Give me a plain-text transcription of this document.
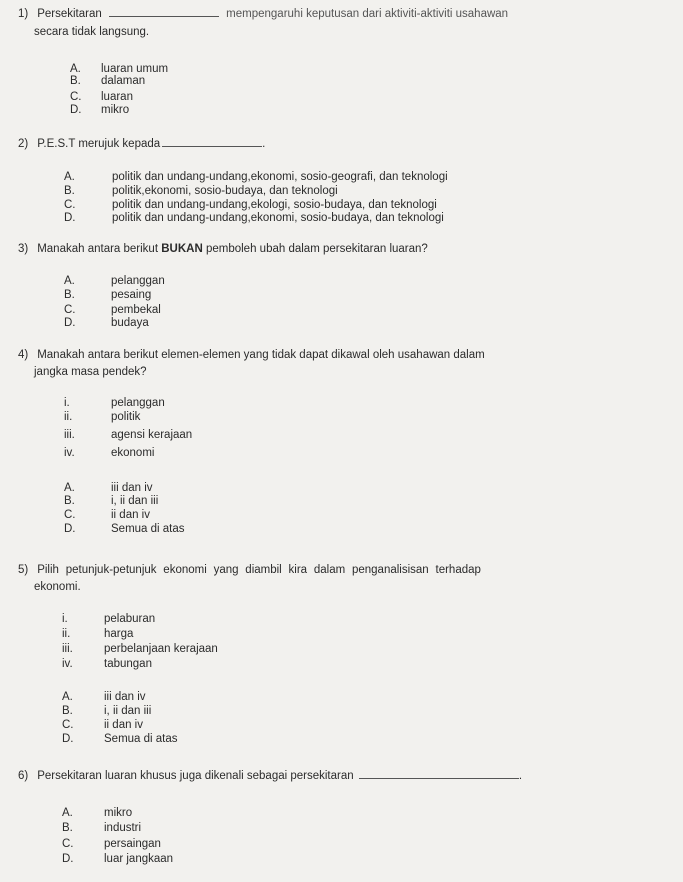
1) Persekitaran	mempengaruhi keputusan dari aktiviti-aktiviti usahawan
secara tidak langsung.
A. luaran umum
B. dalaman
C. luaran
D. mikro
2) P.E.S.T merujuk kepada	.
A.	politik dan undang-undang,ekonomi, sosio-geografi, dan teknologi
B.	politik,ekonomi, sosio-budaya, dan teknologi
C.	politik dan undang-undang,ekologi, sosio-budaya, dan teknologi
D.	politik dan undang-undang,ekonomi, sosio-budaya, dan teknologi
3) Manakah antara berikut BUKAN pemboleh ubah dalam persekitaran luaran?
A.	pelanggan
B.	pesaing
C.	pembekal
D.	budaya
4) Manakah antara berikut elemen-elemen yang tidak dapat dikawal oleh usahawan dalam
jangka masa pendek?
i.	pelanggan
ii.	politik
iii.	agensi kerajaan
iv.	ekonomi
A.	iii dan iv
B.	i, ii dan iii
C.	ii dan iv
D.	Semua di atas
5) Pilih petunjuk-petunjuk ekonomi yang diambil kira dalam penganalisisan terhadap
ekonomi.
i.	pelaburan
ii.	harga
iii.	perbelanjaan kerajaan
iv.	tabungan
A.	iii dan iv
B.	i, ii dan iii
C.	ii dan iv
D.	Semua di atas
6) Persekitaran luaran khusus juga dikenali sebagai persekitaran	.
A.	mikro
B.	industri
C.	persaingan
D.	luar jangkaan
